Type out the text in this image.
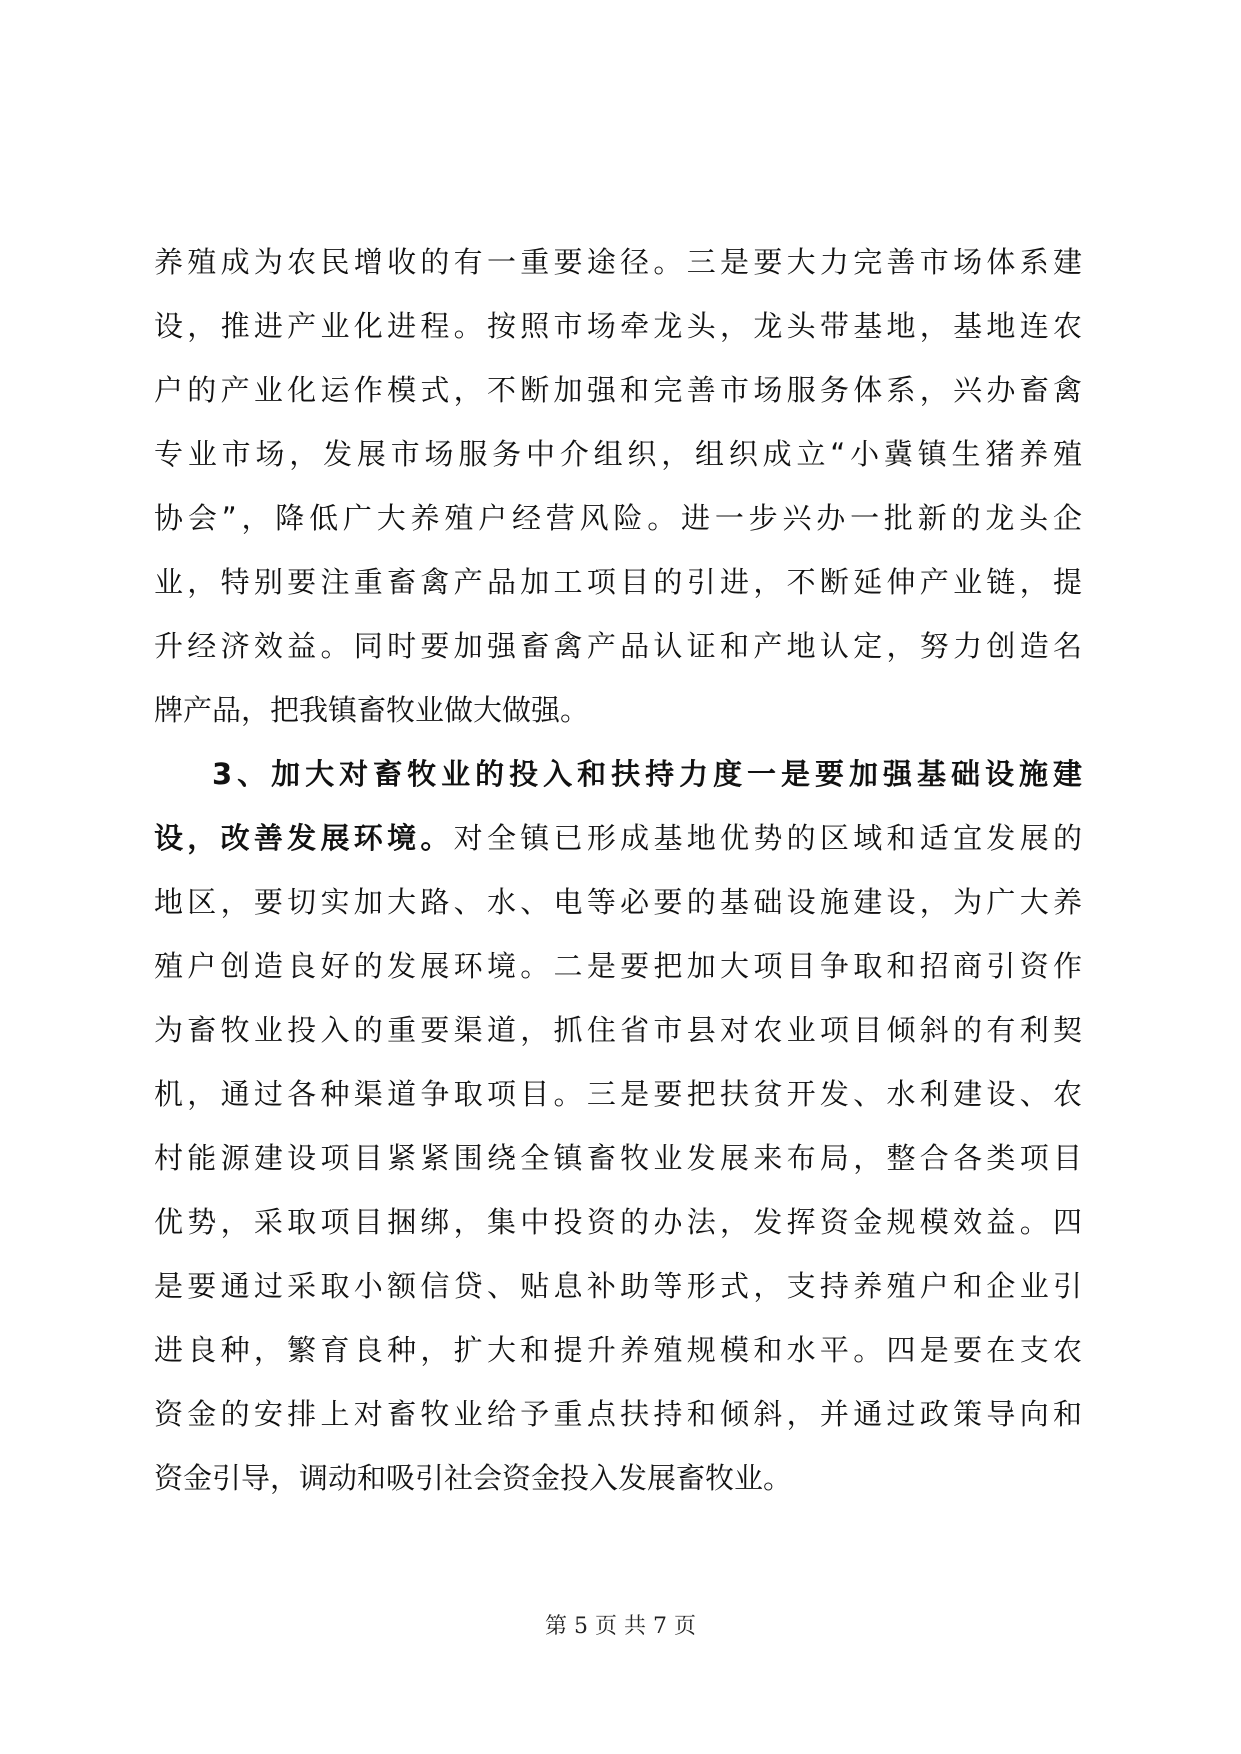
养殖成为农民增收的有一重要途径。三是要大力完善市场体系建
设，推进产业化进程。按照市场牵龙头，龙头带基地，基地连农
户的产业化运作模式，不断加强和完善市场服务体系，兴办畜禽
专业市场，发展市场服务中介组织，组织成立“小冀镇生猪养殖
协会”，降低广大养殖户经营风险。进一步兴办一批新的龙头企
业，特别要注重畜禽产品加工项目的引进，不断延伸产业链，提
升经济效益。同时要加强畜禽产品认证和产地认定，努力创造名
牌产品，把我镇畜牧业做大做强。
3、加大对畜牧业的投入和扶持力度一是要加强基础设施建
设，改善发展环境。对全镇已形成基地优势的区域和适宜发展的
地区，要切实加大路、水、电等必要的基础设施建设，为广大养
殖户创造良好的发展环境。二是要把加大项目争取和招商引资作
为畜牧业投入的重要渠道，抓住省市县对农业项目倾斜的有利契
机，通过各种渠道争取项目。三是要把扶贫开发、水利建设、农
村能源建设项目紧紧围绕全镇畜牧业发展来布局，整合各类项目
优势，采取项目捆绑，集中投资的办法，发挥资金规模效益。四
是要通过采取小额信贷、贴息补助等形式，支持养殖户和企业引
进良种，繁育良种，扩大和提升养殖规模和水平。四是要在支农
资金的安排上对畜牧业给予重点扶持和倾斜，并通过政策导向和
资金引导，调动和吸引社会资金投入发展畜牧业。
第 5 页 共 7 页
